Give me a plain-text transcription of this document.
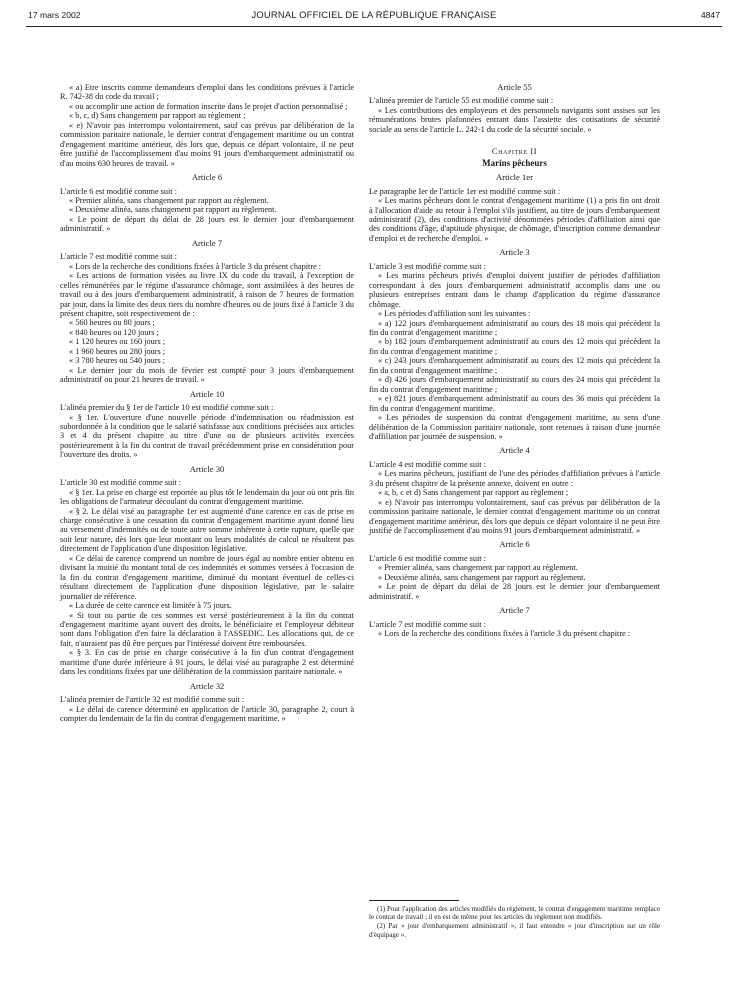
17 mars 2002	JOURNAL OFFICIEL DE LA RÉPUBLIQUE FRANÇAISE	4847

« a) Etre inscrits comme demandeurs d'emploi dans les conditions prévues à l'article R. 742-38 du code du travail ;

« ou accomplir une action de formation inscrite dans le projet d'action personnalisé ;

« b, c, d) Sans changement par rapport au règlement ;

« e) N'avoir pas interrompu volontairement, sauf cas prévus par délibération de la commission paritaire nationale, le dernier contrat d'engagement maritime ou un contrat d'engagement maritime antérieur, dès lors que, depuis ce départ volontaire, il ne peut être justifié de l'accomplissement d'au moins 91 jours d'embarquement administratif ou d'au moins 630 heures de travail. »

Article 6

L'article 6 est modifié comme suit :

« Premier alinéa, sans changement par rapport au règlement.

« Deuxième alinéa, sans changement par rapport au règlement.

« Le point de départ du délai de 28 jours est le dernier jour d'embarquement administratif. »

Article 7

L'article 7 est modifié comme suit :

« Lors de la recherche des conditions fixées à l'article 3 du présent chapitre :

« Les actions de formation visées au livre IX du code du travail, à l'exception de celles rémunérées par le régime d'assurance chômage, sont assimilées à des heures de travail ou à des jours d'embarquement administratif, à raison de 7 heures de formation par jour, dans la limite des deux tiers du nombre d'heures ou de jours fixé à l'article 3 du présent chapitre, soit respectivement de :

« 560 heures ou 80 jours ;

« 840 heures ou 120 jours ;

« 1 120 heures ou 160 jours ;

« 1 960 heures ou 280 jours ;

« 3 780 heures ou 540 jours ;

« Le dernier jour du mois de février est compté pour 3 jours d'embarquement administratif ou pour 21 heures de travail. »

Article 10

L'alinéa premier du § 1er de l'article 10 est modifié comme suit :

« § 1er. L'ouverture d'une nouvelle période d'indemnisation ou réadmission est subordonnée à la condition que le salarié satisfasse aux conditions précisées aux articles 3 et 4 du présent chapitre au titre d'une ou de plusieurs activités exercées postérieurement à la fin du contrat de travail précédemment prise en considération pour l'ouverture des droits. »

Article 30

L'article 30 est modifié comme suit :

« § 1er. La prise en charge est reportée au plus tôt le lendemain du jour où ont pris fin les obligations de l'armateur découlant du contrat d'engagement maritime.

« § 2. Le délai visé au paragraphe 1er est augmenté d'une carence en cas de prise en charge consécutive à une cessation du contrat d'engagement maritime ayant donné lieu au versement d'indemnités ou de toute autre somme inhérente à cette rupture, quelle que soit leur nature, dès lors que leur montant ou leurs modalités de calcul ne résultent pas directement de l'application d'une disposition législative.

« Ce délai de carence comprend un nombre de jours égal au nombre entier obtenu en divisant la moitié du montant total de ces indemnités et sommes versées à l'occasion de la fin du contrat d'engagement maritime, diminué du montant éventuel de celles-ci résultant directement de l'application d'une disposition législative, par le salaire journalier de référence.

« La durée de cette carence est limitée à 75 jours.

« Si tout ou partie de ces sommes est versé postérieurement à la fin du contrat d'engagement maritime ayant ouvert des droits, le bénéficiaire et l'employeur débiteur sont dans l'obligation d'en faire la déclaration à l'ASSEDIC. Les allocations qui, de ce fait, n'auraient pas dû être perçues par l'intéressé doivent être remboursées.

« § 3. En cas de prise en charge consécutive à la fin d'un contrat d'engagement maritime d'une durée inférieure à 91 jours, le délai visé au paragraphe 2 est déterminé dans les conditions fixées par une délibération de la commission paritaire nationale. »

Article 32

L'alinéa premier de l'article 32 est modifié comme suit :

« Le délai de carence déterminé en application de l'article 30, paragraphe 2, court à compter du lendemain de la fin du contrat d'engagement maritime. »

Article 55

L'alinéa premier de l'article 55 est modifié comme suit :

« Les contributions des employeurs et des personnels navigants sont assises sur les rémunérations brutes plafonnées entrant dans l'assiette des cotisations de sécurité sociale au sens de l'article L. 242-1 du code de la sécurité sociale. »

Chapitre II
Marins pêcheurs
Article 1er

Le paragraphe Ier de l'article 1er est modifié comme suit :

« Les marins pêcheurs dont le contrat d'engagement maritime (1) a pris fin ont droit à l'allocation d'aide au retour à l'emploi s'ils justifient, au titre de jours d'embarquement administratif (2), des conditions d'activité dénommées périodes d'affiliation ainsi que des conditions d'âge, d'aptitude physique, de chômage, d'inscription comme demandeur d'emploi et de recherche d'emploi. »

Article 3

L'article 3 est modifié comme suit :

« Les marins pêcheurs privés d'emploi doivent justifier de périodes d'affiliation correspondant à des jours d'embarquement administratif accomplis dans une ou plusieurs entreprises entrant dans le champ d'application du régime d'assurance chômage.

« Les périodes d'affiliation sont les suivantes :

« a) 122 jours d'embarquement administratif au cours des 18 mois qui précèdent la fin du contrat d'engagement maritime ;

« b) 182 jours d'embarquement administratif au cours des 12 mois qui précèdent la fin du contrat d'engagement maritime ;

« c) 243 jours d'embarquement administratif au cours des 12 mois qui précèdent la fin du contrat d'engagement maritime ;

« d) 426 jours d'embarquement administratif au cours des 24 mois qui précèdent la fin du contrat d'engagement maritime ;

« e) 821 jours d'embarquement administratif au cours des 36 mois qui précèdent la fin du contrat d'engagement maritime.

« Les périodes de suspension du contrat d'engagement maritime, au sens d'une délibération de la Commission paritaire nationale, sont retenues à raison d'une journée d'affiliation par journée de suspension. »

Article 4

L'article 4 est modifié comme suit :

« Les marins pêcheurs, justifiant de l'une des périodes d'affiliation prévues à l'article 3 du présent chapitre de la présente annexe, doivent en outre :

« a, b, c et d) Sans changement par rapport au règlement ;

« e) N'avoir pas interrompu volontairement, sauf cas prévus par délibération de la commission paritaire nationale, le dernier contrat d'engagement maritime ou un contrat d'engagement maritime antérieur, dès lors que depuis ce départ volontaire il ne peut être justifié de l'accomplissement d'au moins 91 jours d'embarquement administratif. »

Article 6

L'article 6 est modifié comme suit :

« Premier alinéa, sans changement par rapport au règlement.

« Deuxième alinéa, sans changement par rapport au règlement.

« Le point de départ du délai de 28 jours est le dernier jour d'embarquement administratif. »

Article 7

L'article 7 est modifié comme suit :

« Lors de la recherche des conditions fixées à l'article 3 du présent chapitre :

(1) Pour l'application des articles modifiés du règlement, le contrat d'engagement maritime remplace le contrat de travail ; il en est de même pour les articles du règlement non modifiés.

(2) Par « jour d'embarquement administratif », il faut entendre « jour d'inscription sur un rôle d'équipage ».
